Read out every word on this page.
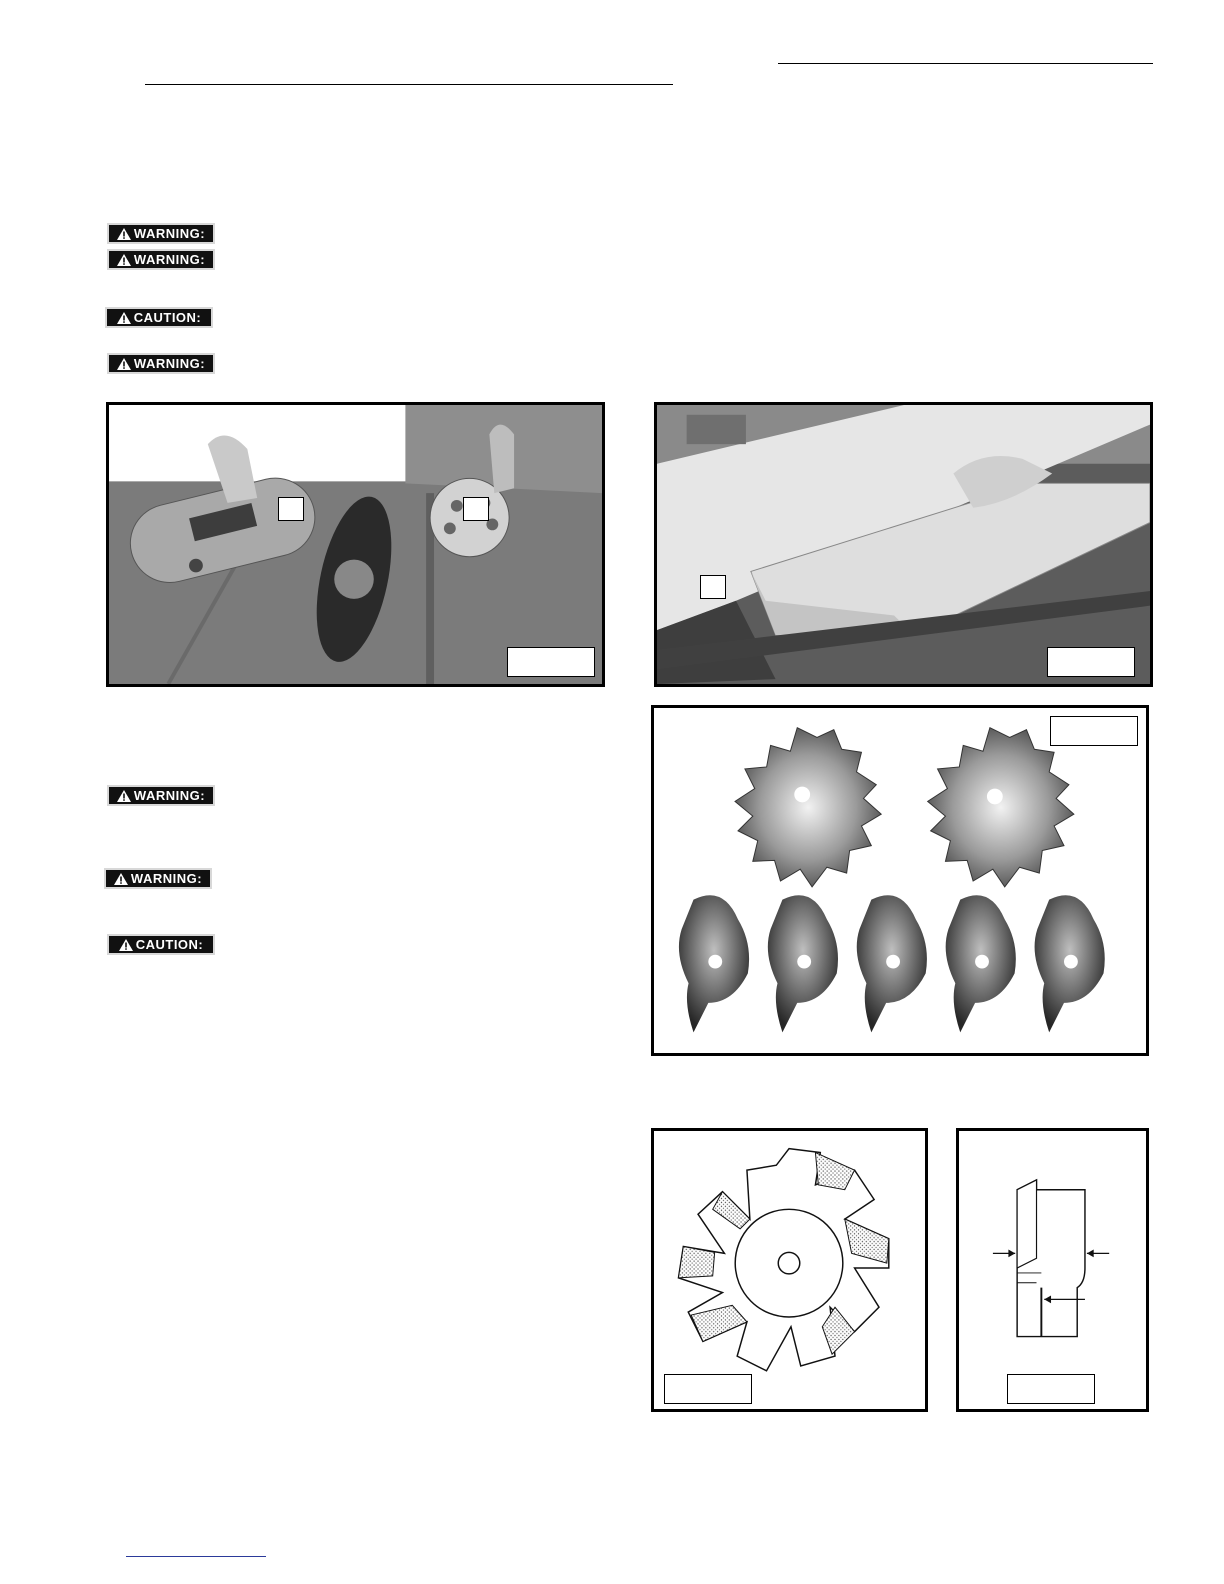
WARNING:
WARNING:
CAUTION:
WARNING:
WARNING:
WARNING:
CAUTION:
